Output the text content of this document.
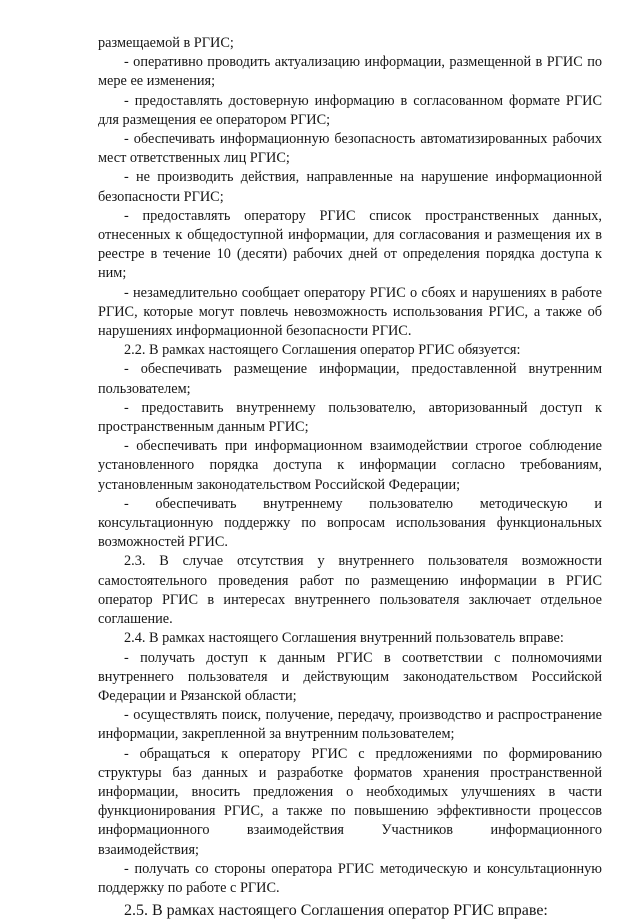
размещаемой в РГИС;

- оперативно проводить актуализацию информации, размещенной в РГИС по мере ее изменения;

- предоставлять достоверную информацию в согласованном формате РГИС для размещения ее оператором РГИС;

- обеспечивать информационную безопасность автоматизированных рабочих мест ответственных лиц РГИС;

- не производить действия, направленные на нарушение информационной безопасности РГИС;

- предоставлять оператору РГИС список пространственных данных, отнесенных к общедоступной информации, для согласования и размещения их в реестре в течение 10 (десяти) рабочих дней от определения порядка доступа к ним;

- незамедлительно сообщает оператору РГИС о сбоях и нарушениях в работе РГИС, которые могут повлечь невозможность использования РГИС, а также об нарушениях информационной безопасности РГИС.

2.2. В рамках настоящего Соглашения оператор РГИС обязуется:

- обеспечивать размещение информации, предоставленной внутренним пользователем;

- предоставить внутреннему пользователю, авторизованный доступ к пространственным данным РГИС;

- обеспечивать при информационном взаимодействии строгое соблюдение установленного порядка доступа к информации согласно требованиям, установленным законодательством Российской Федерации;

- обеспечивать внутреннему пользователю методическую и консультационную поддержку по вопросам использования функциональных возможностей РГИС.

2.3. В случае отсутствия у внутреннего пользователя возможности самостоятельного проведения работ по размещению информации в РГИС оператор РГИС в интересах внутреннего пользователя заключает отдельное соглашение.

2.4. В рамках настоящего Соглашения внутренний пользователь вправе:

- получать доступ к данным РГИС в соответствии с полномочиями внутреннего пользователя и действующим законодательством Российской Федерации и Рязанской области;

- осуществлять поиск, получение, передачу, производство и распространение информации, закрепленной за внутренним пользователем;

- обращаться к оператору РГИС с предложениями по формированию структуры баз данных и разработке форматов хранения пространственной информации, вносить предложения о необходимых улучшениях в части функционирования РГИС, а также по повышению эффективности процессов информационного взаимодействия Участников информационного взаимодействия;

- получать со стороны оператора РГИС методическую и консультационную поддержку по работе с РГИС.

2.5. В рамках настоящего Соглашения оператор РГИС вправе:
